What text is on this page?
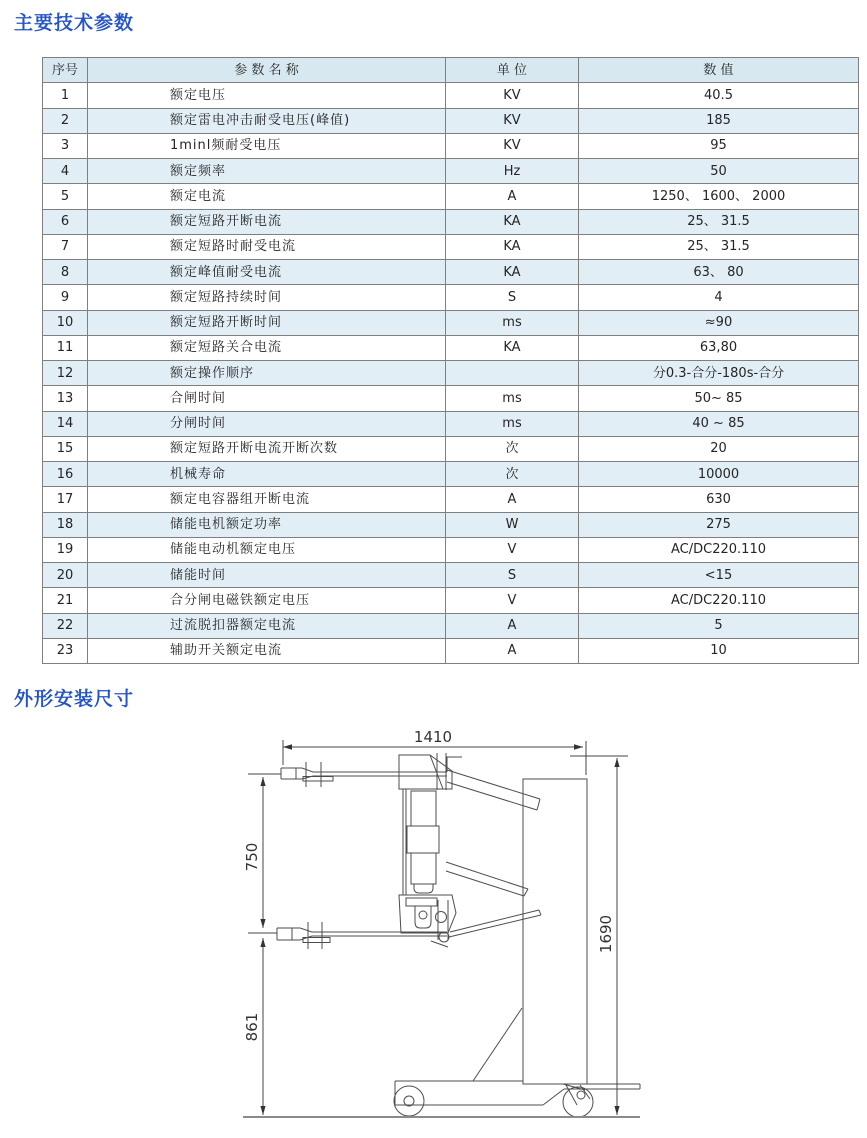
主要技术参数
序号	参 数 名 称	单 位	数 值
1	额定电压	KV	40.5
2	额定雷电冲击耐受电压(峰值)	KV	185
3	1minl频耐受电压	KV	95
4	额定频率	Hz	50
5	额定电流	A	1250、 1600、 2000
6	额定短路开断电流	KA	25、 31.5
7	额定短路时耐受电流	KA	25、 31.5
8	额定峰值耐受电流	KA	63、 80
9	额定短路持续时间	S	4
10	额定短路开断时间	ms	≈90
11	额定短路关合电流	KA	63,80
12	额定操作顺序		分0.3-合分-180s-合分
13	合闸时间	ms	50~ 85
14	分闸时间	ms	40 ~ 85
15	额定短路开断电流开断次数	次	20
16	机械寿命	次	10000
17	额定电容器组开断电流	A	630
18	储能电机额定功率	W	275
19	储能电动机额定电压	V	AC/DC220.110
20	储能时间	S	<15
21	合分闸电磁铁额定电压	V	AC/DC220.110
22	过流脱扣器额定电流	A	5
23	辅助开关额定电流	A	10
外形安装尺寸
1410
750
861
1690
